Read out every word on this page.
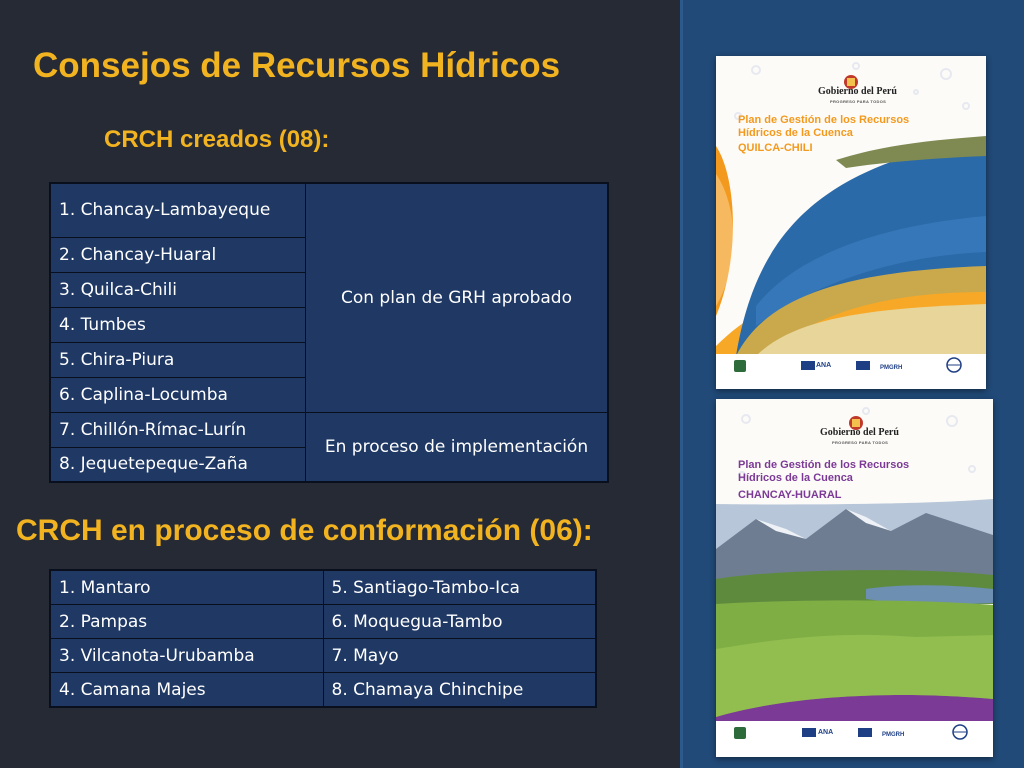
Consejos de Recursos Hídricos
CRCH creados (08):
1. Chancay-Lambayeque	Con plan de GRH aprobado
2. Chancay-Huaral	
3. Quilca-Chili	
4. Tumbes	
5. Chira-Piura	
6. Caplina-Locumba	
7. Chillón-Rímac-Lurín	En proceso de implementación
8. Jequetepeque-Zaña	
CRCH en proceso de conformación (06):
1. Mantaro	5. Santiago-Tambo-Ica
2. Pampas	6. Moquegua-Tambo
3. Vilcanota-Urubamba	7. Mayo
4. Camana Majes	8. Chamaya Chinchipe
Gobierno del Perú
PROGRESO PARA TODOS
Plan de Gestión de los Recursos
Hídricos de la Cuenca
QUILCA-CHILI
ANA	PMGRH
Gobierno del Perú
PROGRESO PARA TODOS
Plan de Gestión de los Recursos
Hídricos de la Cuenca
CHANCAY-HUARAL
ANA	PMGRH
